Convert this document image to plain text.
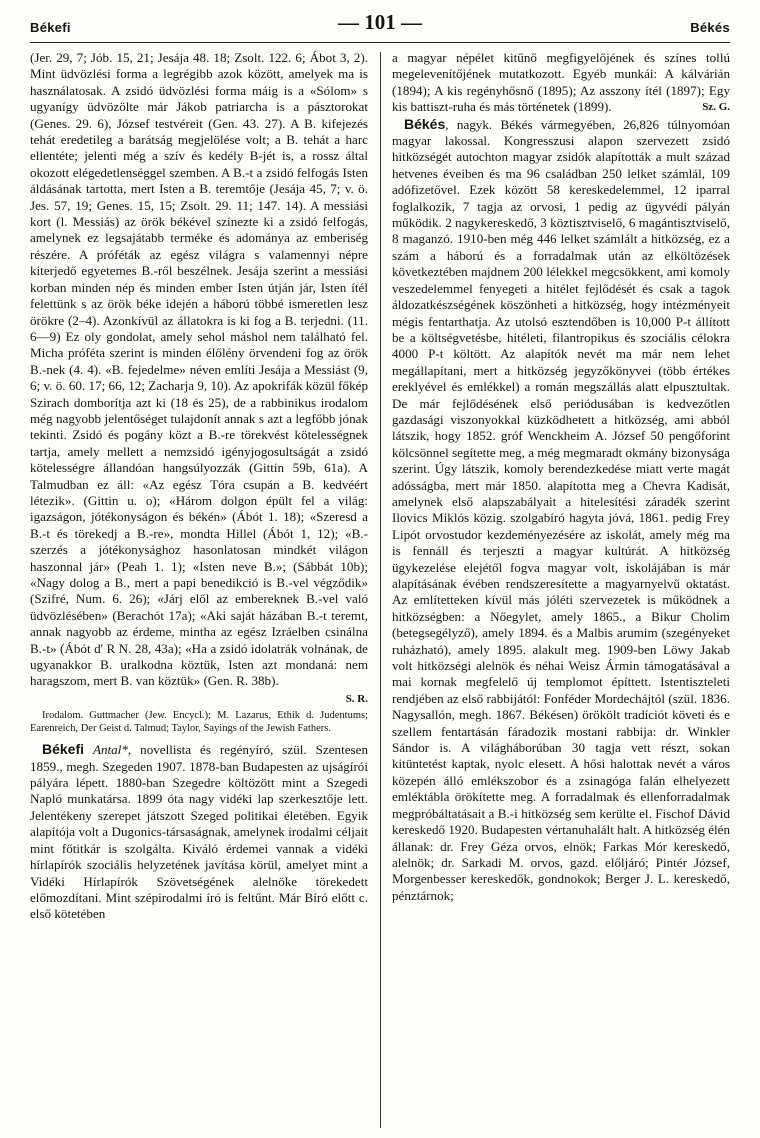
Békefi	— 101 —	Békés

(Jer. 29, 7; Jób. 15, 21; Jesája 48. 18; Zsolt. 122. 6; Ábot 3, 2). Mint üdvözlési forma a legrégibb azok között, amelyek ma is használatosak. A zsidó üdvözlési forma máig is a «Sólom» s ugyanígy üdvözölte már Jákob patriarcha is a pásztorokat (Genes. 29. 6), József testvéreit (Gen. 43. 27). A B. kifejezés tehát eredetileg a barátság megjelölése volt; a B. tehát a harc ellentéte; jelenti még a szív és kedély B-jét is, a rossz által okozott elégedetlenséggel szemben. A B.-t a zsidó felfogás Isten áldásának tartotta, mert Isten a B. teremtője (Jesája 45, 7; v. ö. Jes. 57, 19; Genes. 15, 15; Zsolt. 29. 11; 147. 14). A messiási kort (l. Messiás) az örök békével színezte ki a zsidó felfogás, amelynek ez legsajátabb terméke és adománya az emberiség részére. A próféták az egész világra s valamennyi népre kiterjedő egyetemes B.-ről beszélnek. Jesája szerint a messiási korban minden nép és minden ember Isten útján jár, Isten ítél felettünk s az örök béke idején a háború többé ismeretlen lesz örökre (2–4). Azonkívül az állatokra is ki fog a B. terjedni. (11. 6—9) Ez oly gondolat, amely sehol máshol nem található fel. Micha próféta szerint is minden élőlény örvendeni fog az örök B.-nek (4. 4). «B. fejedelme» néven említi Jesája a Messiást (9, 6; v. ö. 60. 17; 66, 12; Zacharja 9, 10). Az apokrifák közül főkép Szirach domborítja azt ki (18 és 25), de a rabbinikus irodalom még nagyobb jelentőséget tulajdonít annak s azt a legfőbb jónak tekinti. Zsidó és pogány közt a B.-re törekvést kötelességnek tartja, amely mellett a nemzsidó igényjogosultságát a zsidó kötelességre állandóan hangsúlyozzák (Gittin 59b, 61a). A Talmudban ez áll: «Az egész Tóra csupán a B. kedvéért létezik». (Gittin u. o); «Három dolgon épült fel a világ: igazságon, jótékonyságon és békén» (Ábót 1. 18); «Szeresd a B.-t és törekedj a B.-re», mondta Hillel (Ábót 1, 12); «B.-szerzés a jótékonysághoz hasonlatosan mindkét világon haszonnal jár» (Peah 1. 1); «Isten neve B.»; (Sábbát 10b); «Nagy dolog a B., mert a papi benedikció is B.-vel végződik» (Szifré, Num. 6. 26); «Járj elől az embereknek B.-vel való üdvözlésében» (Berachót 17a); «Aki saját házában B.-t teremt, annak nagyobb az érdeme, mintha az egész Izráelben csinálna B.-t» (Ábót d' R N. 28, 43a); «Ha a zsidó idolatrák volnának, de ugyanakkor B. uralkodna köztük, Isten azt mondaná: nem haragszom, mert B. van köztük» (Gen. R. 38b).

S. R.

Irodalom. Guttmacher (Jew. Encycl.); M. Lazarus, Ethik d. Judentums; Earenreich, Der Geist d. Talmud; Taylor, Sayings of the Jewish Fathers.

Békefi Antal*, novellista és regényíró, szül. Szentesen 1859., megh. Szegeden 1907. 1878-ban Budapesten az ujságírói pályára lépett. 1880-ban Szegedre költözött mint a Szegedi Napló munkatársa. 1899 óta nagy vidéki lap szerkesztője lett. Jelentékeny szerepet játszott Szeged politikai életében. Egyik alapítója volt a Dugonics-társaságnak, amelynek irodalmi céljait mint főtitkár is szolgálta. Kiváló érdemei vannak a vidéki hírlapírók szociális helyzetének javítása körül, amelyet mint a Vidéki Hírlapírók Szövetségének alelnöke törekedett előmozdítani. Mint szépirodalmi író is feltűnt. Már Bíró előtt c. első kötetében

a magyar népélet kitűnő megfigyelőjének és színes tollú megelevenítőjének mutatkozott. Egyéb munkái: A kálvárián (1894); A kis regényhősnő (1895); Az asszony ítél (1897); Egy kis battiszt-ruha és más történetek (1899).	Sz. G.

Békés, nagyk. Békés vármegyében, 26,826 túlnyomóan magyar lakossal. Kongresszusi alapon szervezett zsidó hitközségét autochton magyar zsidók alapították a mult század hetvenes éveiben és ma 96 családban 250 lelket számlál, 109 adófizetővel. Ezek között 58 kereskedelemmel, 12 iparral foglalkozik, 7 tagja az orvosi, 1 pedig az ügyvédi pályán működik. 2 nagykereskedő, 3 köztisztviselő, 6 magántisztviselő, 8 maganzó. 1910-ben még 446 lelket számlált a hitközség, ez a szám a háború és a forradalmak után az elköltözések következtében majdnem 200 lélekkel megcsökkent, ami komoly veszedelemmel fenyegeti a hitélet fejlődését és csak a tagok áldozatkészségének köszönheti a hitközség, hogy intézményeit mégis fentarthatja. Az utolsó esztendőben is 10,000 P-t állított be a költségvetésbe, hitéleti, filantropikus és szociális célokra 4000 P-t költött. Az alapítók nevét ma már nem lehet megállapítani, mert a hitközség jegyzőkönyvei (több értékes ereklyével és emlékkel) a román megszállás alatt elpusztultak. De már fejlődésének első periódusában is kedvezőtlen gazdasági viszonyokkal küzködhetett a hitközség, ami abból látszik, hogy 1852. gróf Wenckheim A. József 50 pengőforint kölcsönnel segítette meg, a még megmaradt okmány bizonysága szerint. Úgy látszik, komoly berendezkedése miatt verte magát adósságba, mert már 1850. alapította meg a Chevra Kadisát, amelynek első alapszabályait a hitelesítési záradék szerint Ilovics Miklós közig. szolgabíró hagyta jóvá, 1861. pedig Frey Lipót orvostudor kezdeményezésére az iskolát, amely még ma is fennáll és terjeszti a magyar kultúrát. A hitközség ügykezelése elejétől fogva magyar volt, iskolájában is már alapításának évében rendszeresítette a magyarnyelvű oktatást. Az említetteken kívül más jóléti szervezetek is működnek a hitközségben: a Nőegylet, amely 1865., a Bikur Cholim (betegsegélyző), amely 1894. és a Malbis arumim (szegényeket ruházható), amely 1895. alakult meg. 1909-ben Löwy Jakab volt hitközségi alelnök és néhai Weisz Ármin támogatásával a mai kornak megfelelő új templomot építtett. Istentiszteleti rendjében az első rabbijától: Fonféder Mordechájtól (szül. 1836. Nagysallón, megh. 1867. Békésen) örökölt tradíciót követi és e szellem fentartásán fáradozik mostani rabbija: dr. Winkler Sándor is. A világháborúban 30 tagja vett részt, sokan kitüntetést kaptak, nyolc elesett. A hősi halottak nevét a város közepén álló emlékszobor és a zsinagóga falán elhelyezett emléktábla örökítette meg. A forradalmak és ellenforradalmak megpróbáltatásait a B.-i hitközség sem kerülte el. Fischof Dávid kereskedő 1920. Budapesten vértanuhalált halt. A hitközség élén állanak: dr. Frey Géza orvos, elnök; Farkas Mór kereskedő, alelnök; dr. Sarkadi M. orvos, gazd. előljáró; Pintér József, Morgenbesser kereskedők, gondnokok; Berger J. L. kereskedő, pénztárnok;
